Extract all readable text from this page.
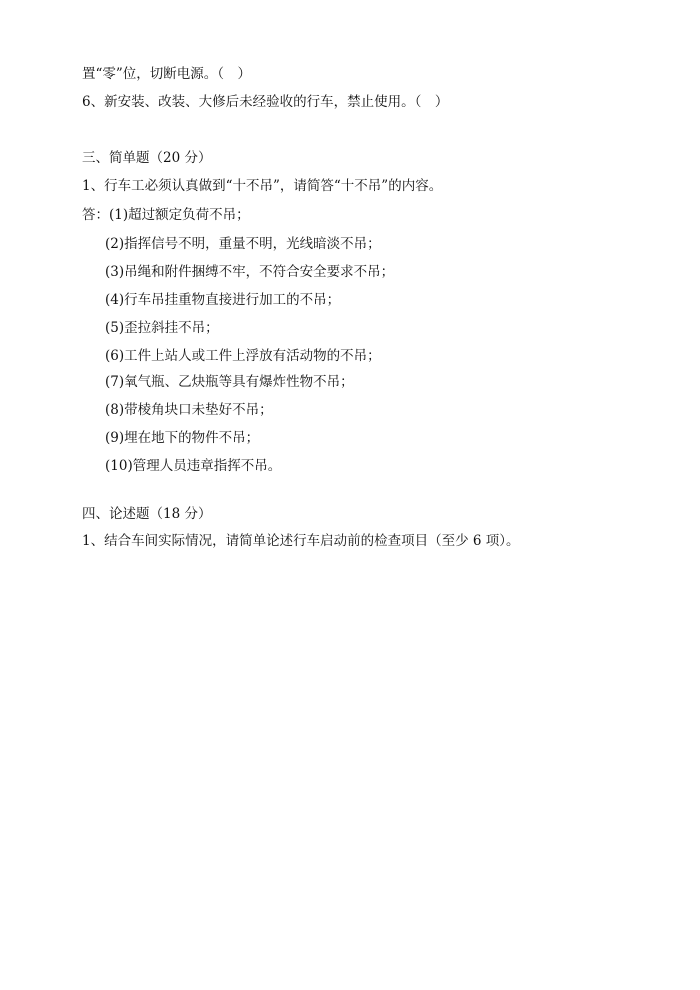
置“零”位，切断电源。（　）
6、新安装、改装、大修后未经验收的行车，禁止使用。（　）
三、简单题（20 分）
1、行车工必须认真做到“十不吊”，请简答“十不吊”的内容。
答：(1)超过额定负荷不吊；
(2)指挥信号不明，重量不明，光线暗淡不吊；
(3)吊绳和附件捆缚不牢，不符合安全要求不吊；
(4)行车吊挂重物直接进行加工的不吊；
(5)歪拉斜挂不吊；
(6)工件上站人或工件上浮放有活动物的不吊；
(7)氧气瓶、乙炔瓶等具有爆炸性物不吊；
(8)带棱角块口未垫好不吊；
(9)埋在地下的物件不吊；
(10)管理人员违章指挥不吊。
四、论述题（18 分）
1、结合车间实际情况，请简单论述行车启动前的检查项目（至少 6 项）。
